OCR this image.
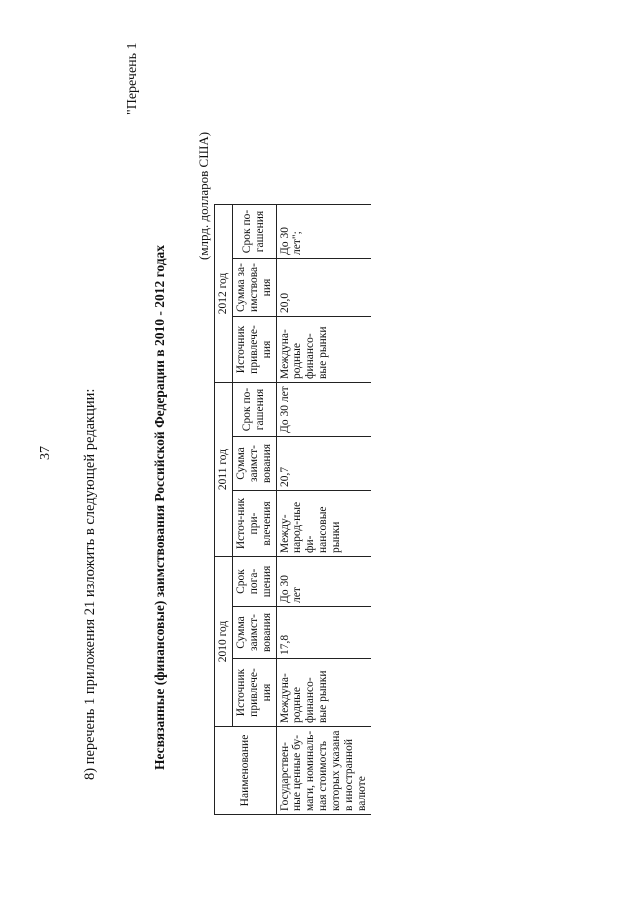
37 8) перечень 1 приложения 21 изложить в следующей редакции:
"Перечень 1
Несвязанные (финансовые) заимствования Российской Федерации в 2010 - 2012 годах
(млрд. долларов США)
Наименование	2010 год			2011 год			2012 год		
	Источник привлече-ния	Сумма заимст-вования	Срок пога-шения	Источ-ник при-влечения	Сумма заимст-вования	Срок по-гашения	Источник привлече-ния	Сумма за-имствова-ния	Срок по-гашения
Государствен-ные ценные бу-маги, номиналь-ная стоимость которых указана в иностранной валюте	Междуна-родные финансо-вые рынки	17,8	До 30 лет	Между-народ-ные фи-нансовые рынки	20,7	До 30 лет	Междуна-родные финансо-вые рынки	20,0	До 30 лет";
